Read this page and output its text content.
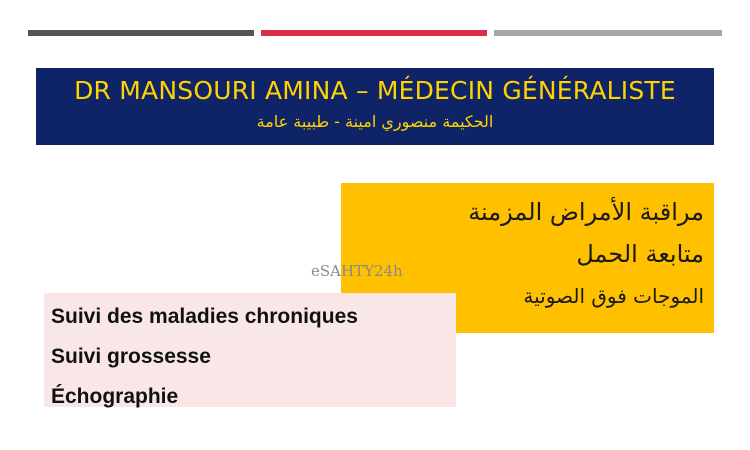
DR MANSOURI AMINA – MÉDECIN GÉNÉRALISTE
الحكيمة منصوري امينة - طبيبة عامة
مراقبة الأمراض المزمنة
متابعة الحمل
الموجات فوق الصوتية
eSAHTY24h
Suivi des maladies chroniques
Suivi grossesse
Échographie
